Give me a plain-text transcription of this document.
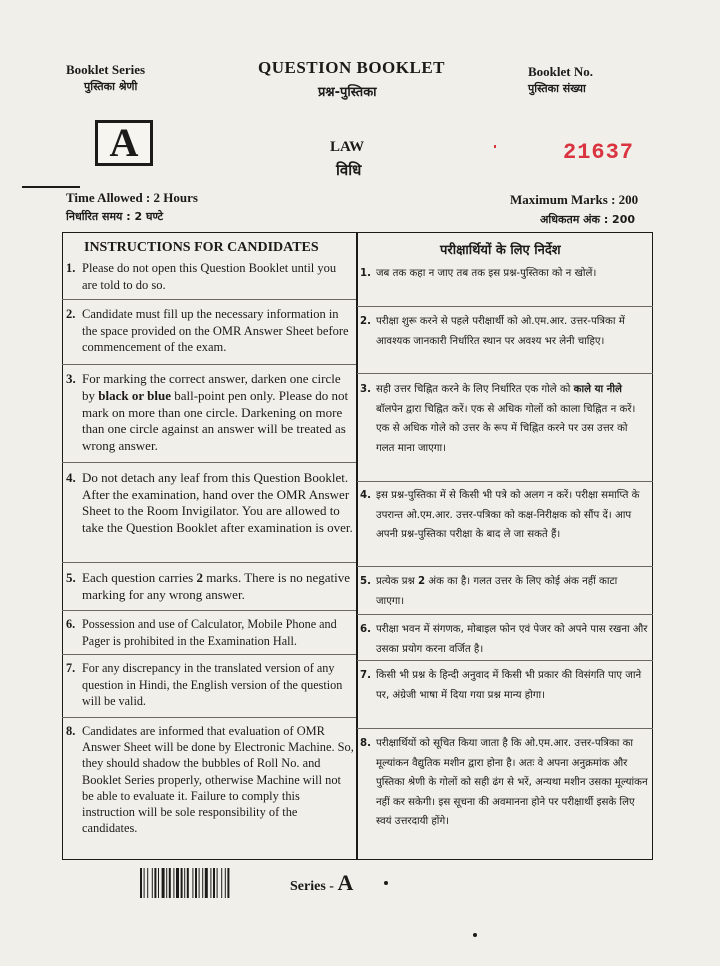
Booklet Series
पुस्तिका श्रेणी
A
QUESTION BOOKLET
प्रश्न-पुस्तिका
Booklet No.
पुस्तिका संख्या
LAW
विधि
21637
Time Allowed : 2 Hours
निर्धारित समय : 2 घण्टे
Maximum Marks : 200
अधिकतम अंक : 200
INSTRUCTIONS FOR CANDIDATES	परीक्षार्थियों के लिए निर्देश
1. Please do not open this Question Booklet until you are told to do so.
2. Candidate must fill up the necessary information in the space provided on the OMR Answer Sheet before commencement of the exam.
3. For marking the correct answer, darken one circle by black or blue ball-point pen only. Please do not mark on more than one circle. Darkening on more than one circle against an answer will be treated as wrong answer.
4. Do not detach any leaf from this Question Booklet. After the examination, hand over the OMR Answer Sheet to the Room Invigilator. You are allowed to take the Question Booklet after examination is over.
5. Each question carries 2 marks. There is no negative marking for any wrong answer.
6. Possession and use of Calculator, Mobile Phone and Pager is prohibited in the Examination Hall.
7. For any discrepancy in the translated version of any question in Hindi, the English version of the question will be valid.
8. Candidates are informed that evaluation of OMR Answer Sheet will be done by Electronic Machine. So, they should shadow the bubbles of Roll No. and Booklet Series properly, otherwise Machine will not be able to evaluate it. Failure to comply this instruction will be sole responsibility of the candidates.
1. जब तक कहा न जाए तब तक इस प्रश्न-पुस्तिका को न खोलें।
2. परीक्षा शुरू करने से पहले परीक्षार्थी को ओ.एम.आर. उत्तर-पत्रिका में आवश्यक जानकारी निर्धारित स्थान पर अवश्य भर लेनी चाहिए।
3. सही उत्तर चिह्नित करने के लिए निर्धारित एक गोले को काले या नीले बॉलपेन द्वारा चिह्नित करें। एक से अधिक गोलों को काला चिह्नित न करें। एक से अधिक गोले को उत्तर के रूप में चिह्नित करने पर उस उत्तर को गलत माना जाएगा।
4. इस प्रश्न-पुस्तिका में से किसी भी पत्रे को अलग न करें। परीक्षा समाप्ति के उपरान्त ओ.एम.आर. उत्तर-पत्रिका को कक्ष-निरीक्षक को सौंप दें। आप अपनी प्रश्न-पुस्तिका परीक्षा के बाद ले जा सकते हैं।
5. प्रत्येक प्रश्न 2 अंक का है। गलत उत्तर के लिए कोई अंक नहीं काटा जाएगा।
6. परीक्षा भवन में संगणक, मोबाइल फोन एवं पेजर को अपने पास रखना और उसका प्रयोग करना वर्जित है।
7. किसी भी प्रश्न के हिन्दी अनुवाद में किसी भी प्रकार की विसंगति पाए जाने पर, अंग्रेजी भाषा में दिया गया प्रश्न मान्य होगा।
8. परीक्षार्थियों को सूचित किया जाता है कि ओ.एम.आर. उत्तर-पत्रिका का मूल्यांकन वैद्युतिक मशीन द्वारा होना है। अतः वे अपना अनुक्रमांक और पुस्तिका श्रेणी के गोलों को सही ढंग से भरें, अन्यथा मशीन उसका मूल्यांकन नहीं कर सकेगी। इस सूचना की अवमानना होने पर परीक्षार्थी इसके लिए स्वयं उत्तरदायी होंगे।
Series - A
